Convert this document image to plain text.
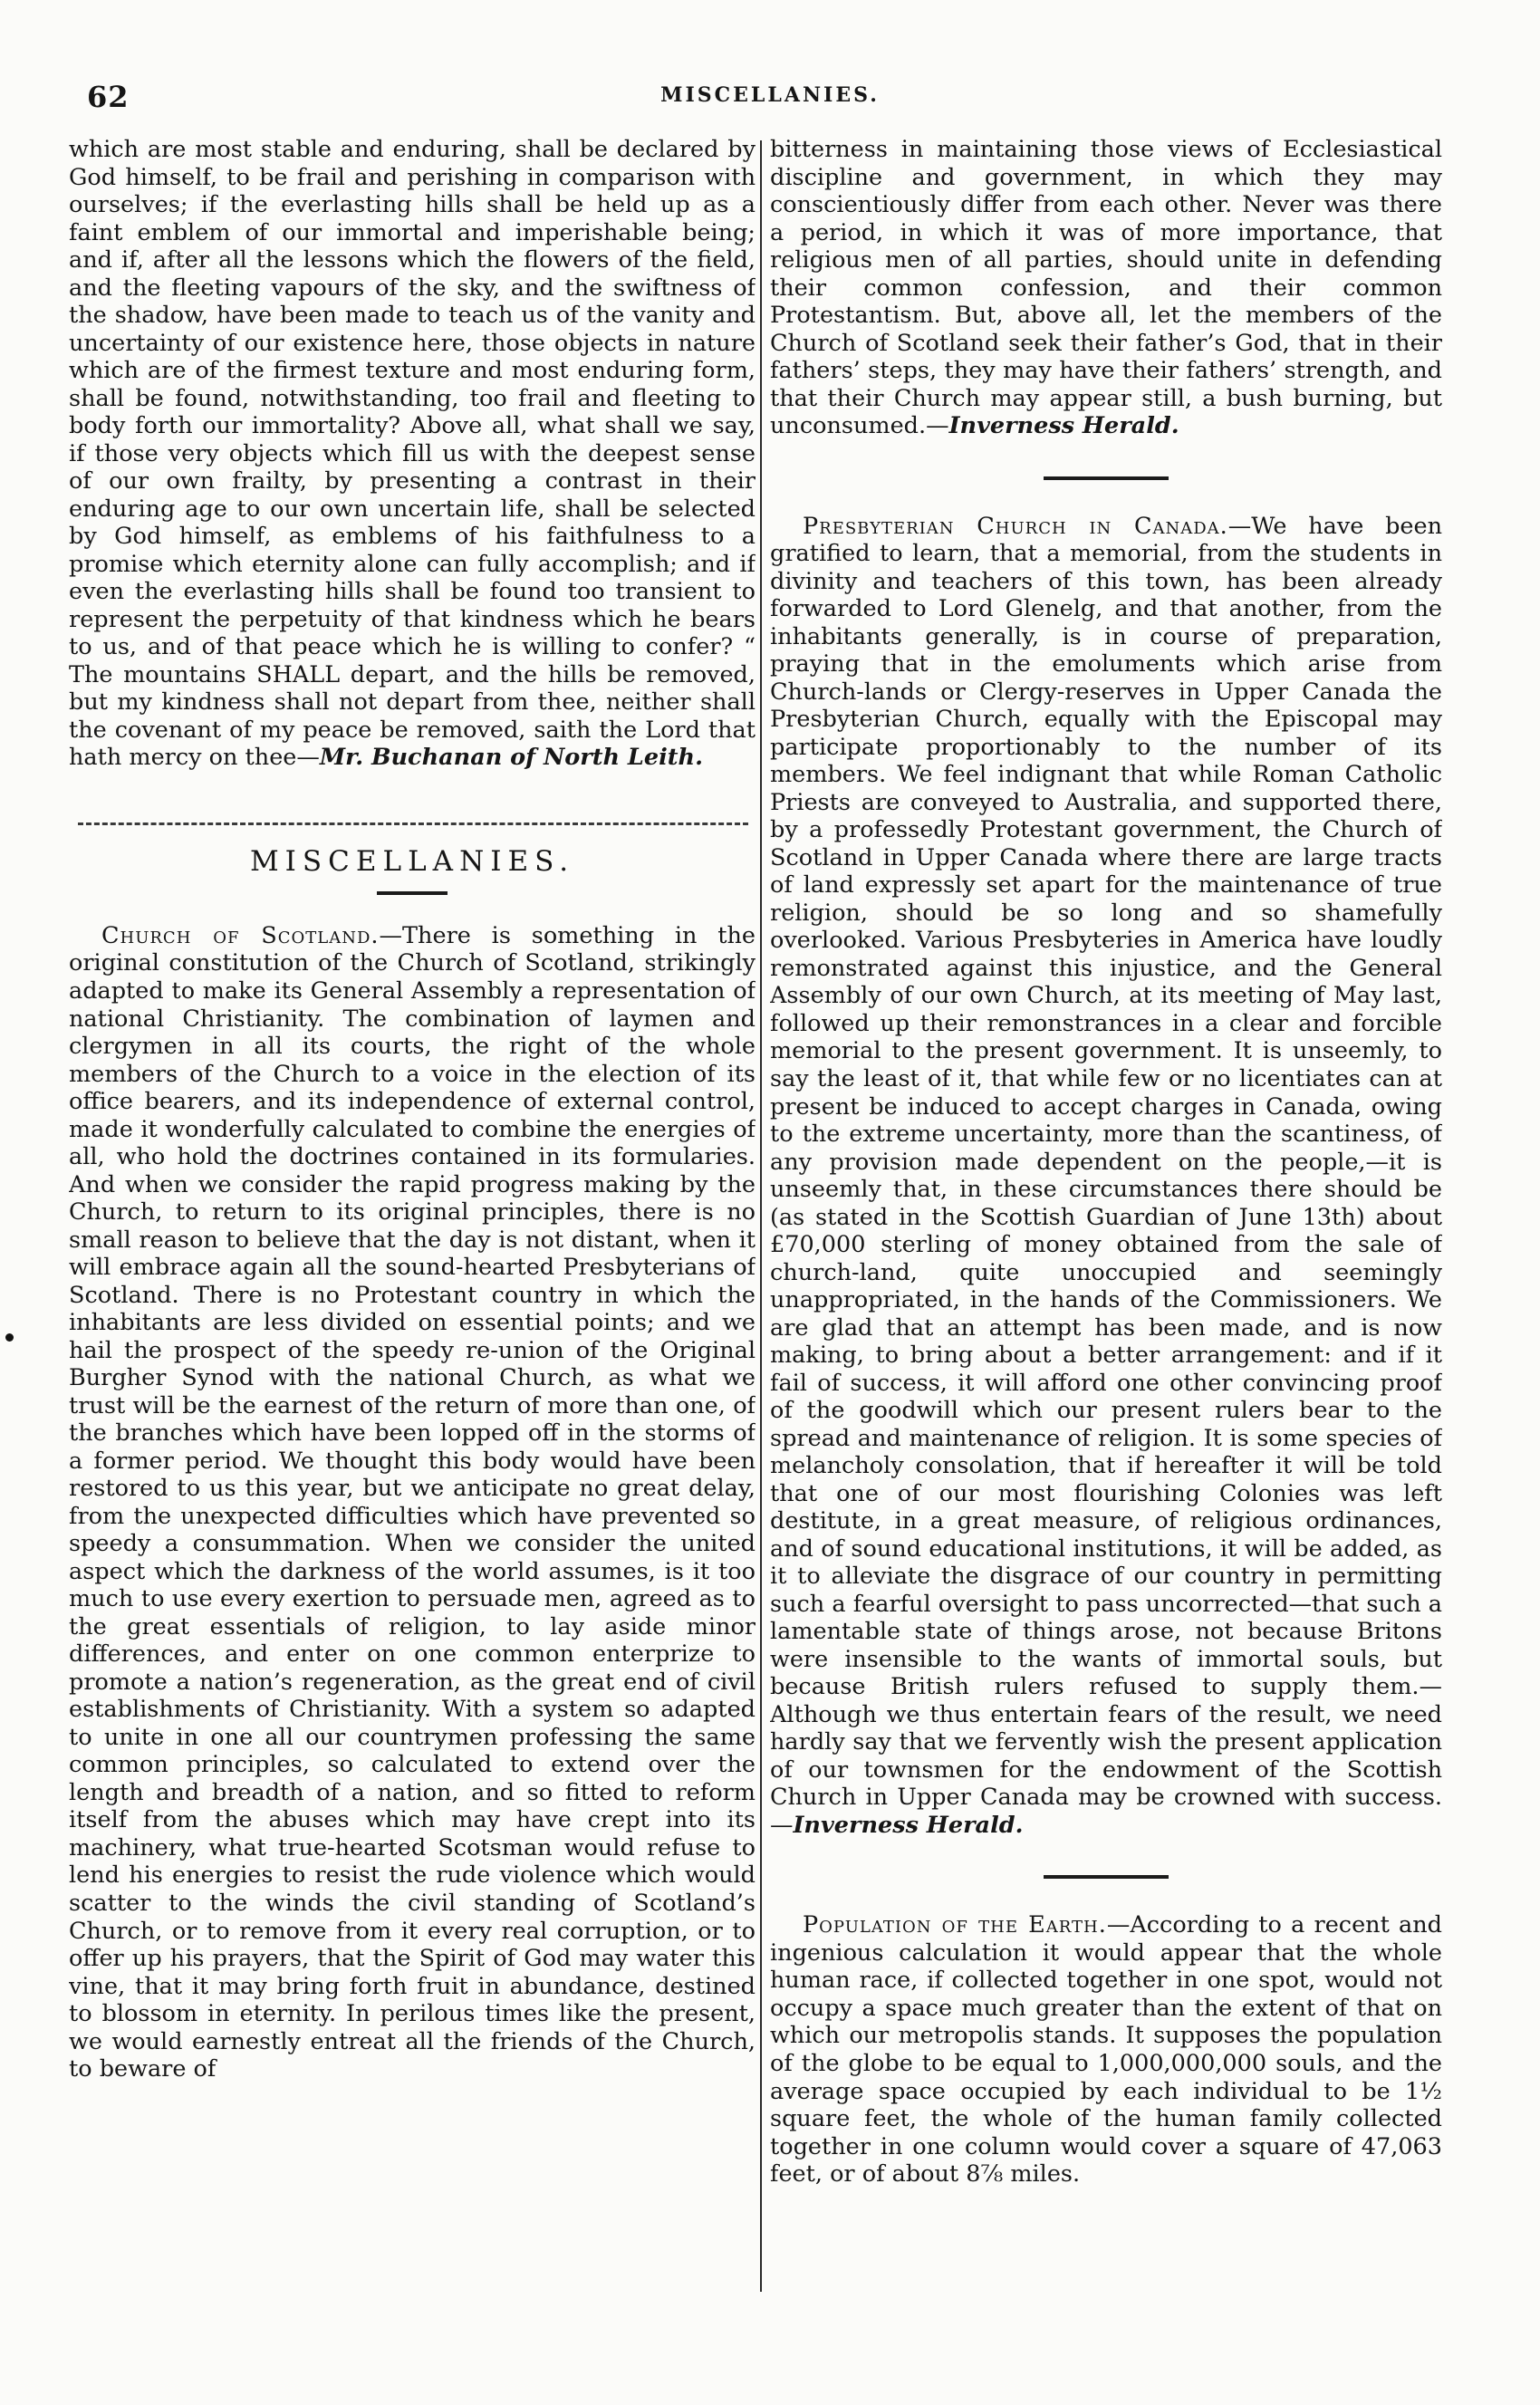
62	MISCELLANIES.

which are most stable and enduring, shall be declared by God himself, to be frail and perishing in comparison with ourselves; if the everlasting hills shall be held up as a faint emblem of our immortal and imperishable being; and if, after all the lessons which the flowers of the field, and the fleeting vapours of the sky, and the swiftness of the shadow, have been made to teach us of the vanity and uncertainty of our existence here, those objects in nature which are of the firmest texture and most enduring form, shall be found, notwithstanding, too frail and fleeting to body forth our immortality? Above all, what shall we say, if those very objects which fill us with the deepest sense of our own frailty, by presenting a contrast in their enduring age to our own uncertain life, shall be selected by God himself, as emblems of his faithfulness to a promise which eternity alone can fully accomplish; and if even the everlasting hills shall be found too transient to represent the perpetuity of that kindness which he bears to us, and of that peace which he is willing to confer? “ The mountains SHALL depart, and the hills be removed, but my kindness shall not depart from thee, neither shall the covenant of my peace be removed, saith the Lord that hath mercy on thee—Mr. Buchanan of North Leith.

MISCELLANIES.

Church of Scotland.—There is something in the original constitution of the Church of Scotland, strikingly adapted to make its General Assembly a representation of national Christianity. The combination of laymen and clergymen in all its courts, the right of the whole members of the Church to a voice in the election of its office bearers, and its independence of external control, made it wonderfully calculated to combine the energies of all, who hold the doctrines contained in its formularies. And when we consider the rapid progress making by the Church, to return to its original principles, there is no small reason to believe that the day is not distant, when it will embrace again all the sound-hearted Presbyterians of Scotland. There is no Protestant country in which the inhabitants are less divided on essential points; and we hail the prospect of the speedy re-union of the Original Burgher Synod with the national Church, as what we trust will be the earnest of the return of more than one, of the branches which have been lopped off in the storms of a former period. We thought this body would have been restored to us this year, but we anticipate no great delay, from the unexpected difficulties which have prevented so speedy a consummation. When we consider the united aspect which the darkness of the world assumes, is it too much to use every exertion to persuade men, agreed as to the great essentials of religion, to lay aside minor differences, and enter on one common enterprize to promote a nation’s regeneration, as the great end of civil establishments of Christianity. With a system so adapted to unite in one all our countrymen professing the same common principles, so calculated to extend over the length and breadth of a nation, and so fitted to reform itself from the abuses which may have crept into its machinery, what true-hearted Scotsman would refuse to lend his energies to resist the rude violence which would scatter to the winds the civil standing of Scotland’s Church, or to remove from it every real corruption, or to offer up his prayers, that the Spirit of God may water this vine, that it may bring forth fruit in abundance, destined to blossom in eternity. In perilous times like the present, we would earnestly entreat all the friends of the Church, to beware of

bitterness in maintaining those views of Ecclesiastical discipline and government, in which they may conscientiously differ from each other. Never was there a period, in which it was of more importance, that religious men of all parties, should unite in defending their common confession, and their common Protestantism. But, above all, let the members of the Church of Scotland seek their father’s God, that in their fathers’ steps, they may have their fathers’ strength, and that their Church may appear still, a bush burning, but unconsumed.—Inverness Herald.

Presbyterian Church in Canada.—We have been gratified to learn, that a memorial, from the students in divinity and teachers of this town, has been already forwarded to Lord Glenelg, and that another, from the inhabitants generally, is in course of preparation, praying that in the emoluments which arise from Church-lands or Clergy-reserves in Upper Canada the Presbyterian Church, equally with the Episcopal may participate proportionably to the number of its members. We feel indignant that while Roman Catholic Priests are conveyed to Australia, and supported there, by a professedly Protestant government, the Church of Scotland in Upper Canada where there are large tracts of land expressly set apart for the maintenance of true religion, should be so long and so shamefully overlooked. Various Presbyteries in America have loudly remonstrated against this injustice, and the General Assembly of our own Church, at its meeting of May last, followed up their remonstrances in a clear and forcible memorial to the present government. It is unseemly, to say the least of it, that while few or no licentiates can at present be induced to accept charges in Canada, owing to the extreme uncertainty, more than the scantiness, of any provision made dependent on the people,—it is unseemly that, in these circumstances there should be (as stated in the Scottish Guardian of June 13th) about £70,000 sterling of money obtained from the sale of church-land, quite unoccupied and seemingly unappropriated, in the hands of the Commissioners. We are glad that an attempt has been made, and is now making, to bring about a better arrangement: and if it fail of success, it will afford one other convincing proof of the goodwill which our present rulers bear to the spread and maintenance of religion. It is some species of melancholy consolation, that if hereafter it will be told that one of our most flourishing Colonies was left destitute, in a great measure, of religious ordinances, and of sound educational institutions, it will be added, as it to alleviate the disgrace of our country in permitting such a fearful oversight to pass uncorrected—that such a lamentable state of things arose, not because Britons were insensible to the wants of immortal souls, but because British rulers refused to supply them.—Although we thus entertain fears of the result, we need hardly say that we fervently wish the present application of our townsmen for the endowment of the Scottish Church in Upper Canada may be crowned with success.—Inverness Herald.

Population of the Earth.—According to a recent and ingenious calculation it would appear that the whole human race, if collected together in one spot, would not occupy a space much greater than the extent of that on which our metropolis stands. It supposes the population of the globe to be equal to 1,000,000,000 souls, and the average space occupied by each individual to be 1½ square feet, the whole of the human family collected together in one column would cover a square of 47,063 feet, or of about 8⅞ miles.
